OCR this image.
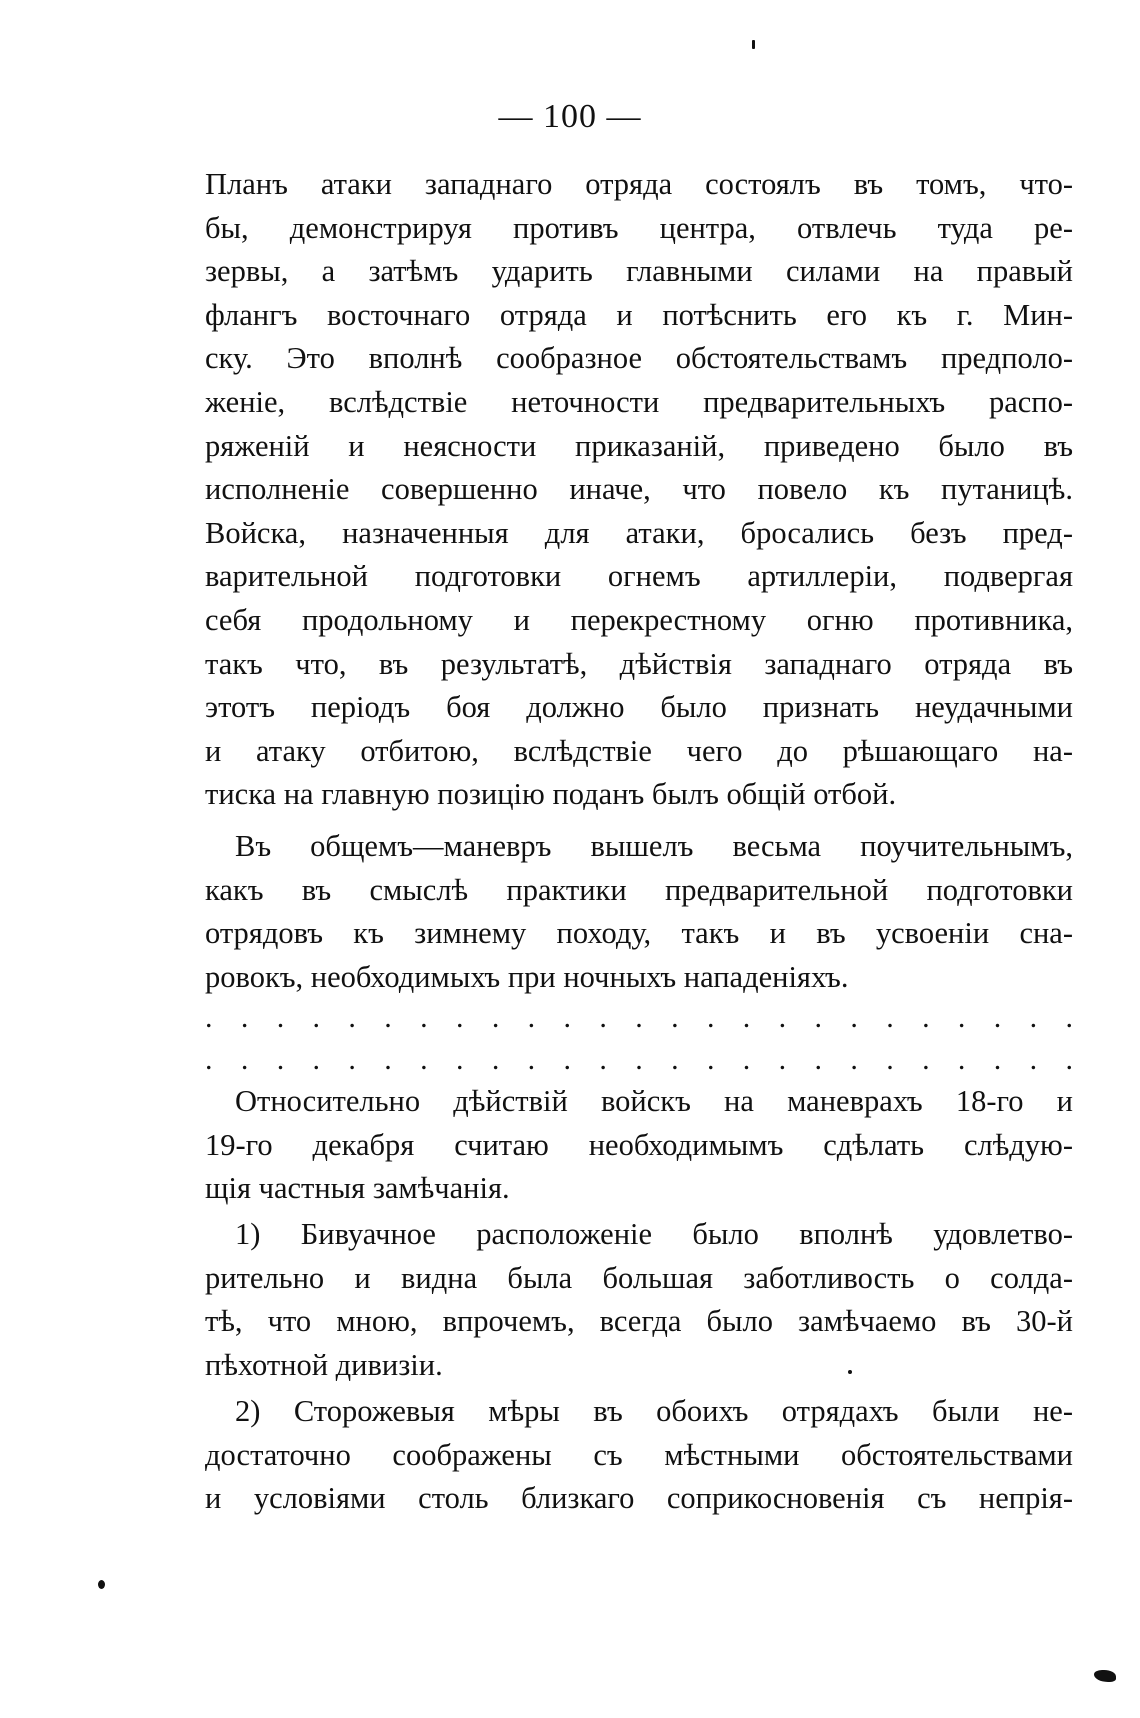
— 100 —
Планъ атаки западнаго отряда состоялъ въ томъ, что-
бы, демонстрируя противъ центра, отвлечь туда ре-
зервы, а затѣмъ ударить главными силами на правый
флангъ восточнаго отряда и потѣснить его къ г. Мин-
ску. Это вполнѣ сообразное обстоятельствамъ предполо-
женіе, вслѣдствіе неточности предварительныхъ распо-
ряженій и неясности приказаній, приведено было въ
исполненіе совершенно иначе, что повело къ путаницѣ.
Войска, назначенныя для атаки, бросались безъ пред-
варительной подготовки огнемъ артиллеріи, подвергая
себя продольному и перекрестному огню противника,
такъ что, въ результатѣ, дѣйствія западнаго отряда въ
этотъ періодъ боя должно было признать неудачными
и атаку отбитою, вслѣдствіе чего до рѣшающаго на-
тиска на главную позицію поданъ былъ общій отбой.
Въ общемъ—маневръ вышелъ весьма поучительнымъ,
какъ въ смыслѣ практики предварительной подготовки
отрядовъ къ зимнему походу, такъ и въ усвоеніи сна-
ровокъ, необходимыхъ при ночныхъ нападеніяхъ.
. . . . . . . . . . . . . . . . . . . . . . . . .
. . . . . . . . . . . . . . . . . . . . . . . . .
Относительно дѣйствій войскъ на маневрахъ 18-го и
19-го декабря считаю необходимымъ сдѣлать слѣдую-
щія частныя замѣчанія.
1) Бивуачное расположеніе было вполнѣ удовлетво-
рительно и видна была большая заботливость о солда-
тѣ, что мною, впрочемъ, всегда было замѣчаемо въ 30-й
пѣхотной дивизіи.
2) Сторожевыя мѣры въ обоихъ отрядахъ были не-
достаточно соображены съ мѣстными обстоятельствами
и условіями столь близкаго соприкосновенія съ непрія-
